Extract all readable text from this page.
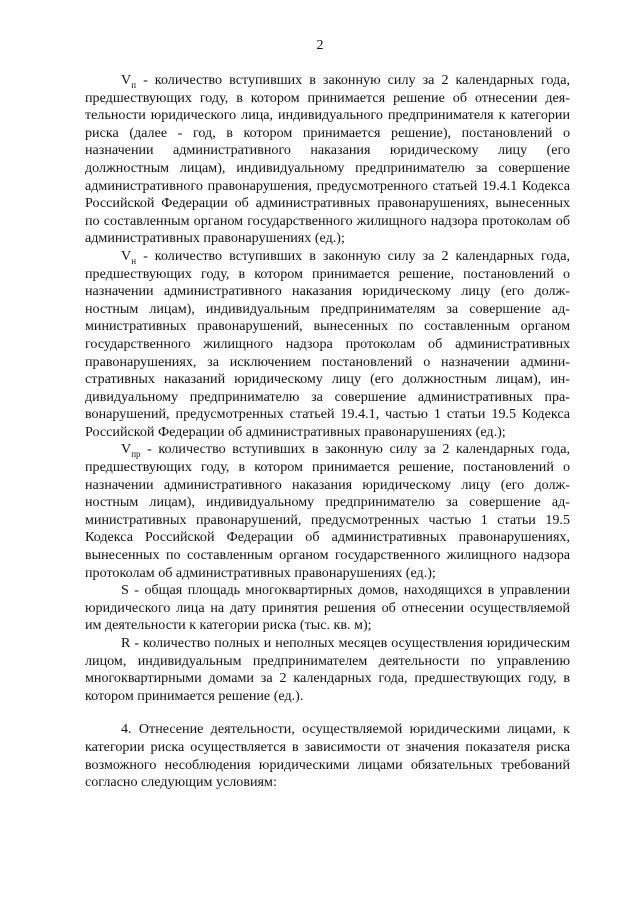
2

$V_п$ - количество вступивших в законную силу за 2 календарных года, предшествующих году, в котором принимается решение об отнесении деятельности юридического лица, индивидуального предпринимателя к категории риска (далее - год, в котором принимается решение), постановлений о назначении административного наказания юридическому лицу (его должностным лицам), индивидуальному предпринимателю за совершение административного правонарушения, предусмотренного статьей 19.4.1 Кодекса Российской Федерации об административных правонарушениях, вынесенных по составленным органом государственного жилищного надзора протоколам об административных правонарушениях (ед.);

$V_н$ - количество вступивших в законную силу за 2 календарных года, предшествующих году, в котором принимается решение, постановлений о назначении административного наказания юридическому лицу (его должностным лицам), индивидуальным предпринимателям за совершение административных правонарушений, вынесенных по составленным органом государственного жилищного надзора протоколам об административных правонарушениях, за исключением постановлений о назначении административных наказаний юридическому лицу (его должностным лицам), индивидуальному предпринимателю за совершение административных правонарушений, предусмотренных статьей 19.4.1, частью 1 статьи 19.5 Кодекса Российской Федерации об административных правонарушениях (ед.);

$V_{пр}$ - количество вступивших в законную силу за 2 календарных года, предшествующих году, в котором принимается решение, постановлений о назначении административного наказания юридическому лицу (его должностным лицам), индивидуальному предпринимателю за совершение административных правонарушений, предусмотренных частью 1 статьи 19.5 Кодекса Российской Федерации об административных правонарушениях, вынесенных по составленным органом государственного жилищного надзора протоколам об административных правонарушениях (ед.);

S - общая площадь многоквартирных домов, находящихся в управлении юридического лица на дату принятия решения об отнесении осуществляемой им деятельности к категории риска (тыс. кв. м);

R - количество полных и неполных месяцев осуществления юридическим лицом, индивидуальным предпринимателем деятельности по управлению многоквартирными домами за 2 календарных года, предшествующих году, в котором принимается решение (ед.).

4. Отнесение деятельности, осуществляемой юридическими лицами, к категории риска осуществляется в зависимости от значения показателя риска возможного несоблюдения юридическими лицами обязательных требований согласно следующим условиям:
